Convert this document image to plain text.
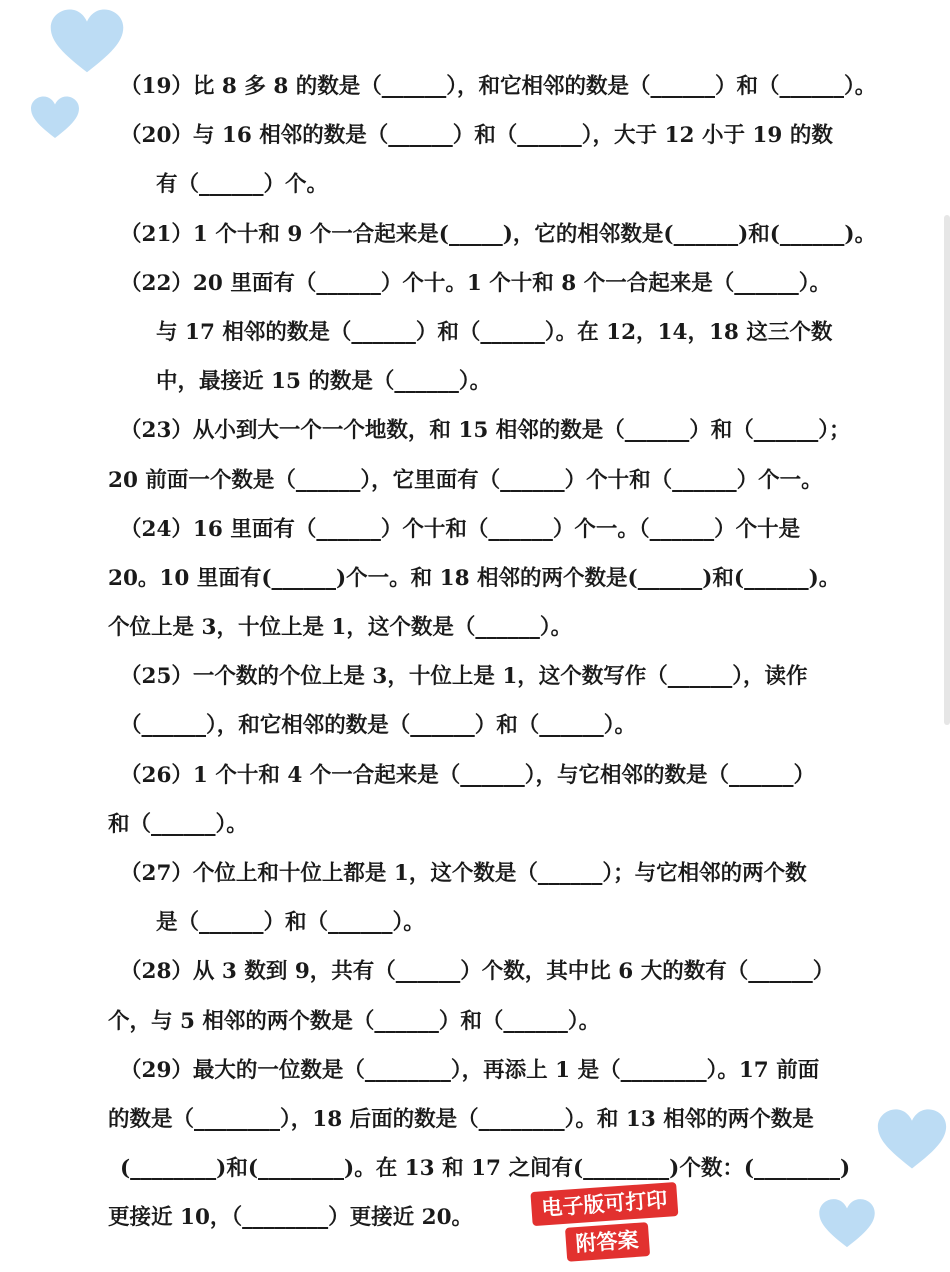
（19）比 8 多 8 的数是（______），和它相邻的数是（______）和（______）。
（20）与 16 相邻的数是（______）和（______），大于 12 小于 19 的数
有（______）个。
（21）1 个十和 9 个一合起来是(_____)，它的相邻数是(______)和(______)。
（22）20 里面有（______）个十。1 个十和 8 个一合起来是（______）。
与 17 相邻的数是（______）和（______）。在 12，14，18 这三个数
中，最接近 15 的数是（______）。
（23）从小到大一个一个地数，和 15 相邻的数是（______）和（______）；
20 前面一个数是（______），它里面有（______）个十和（______）个一。
（24）16 里面有（______）个十和（______）个一。（______）个十是
20。10 里面有(______)个一。和 18 相邻的两个数是(______)和(______)。
个位上是 3，十位上是 1，这个数是（______）。
（25）一个数的个位上是 3，十位上是 1，这个数写作（______），读作
（______），和它相邻的数是（______）和（______）。
（26）1 个十和 4 个一合起来是（______），与它相邻的数是（______）
和（______）。
（27）个位上和十位上都是 1，这个数是（______）；与它相邻的两个数
是（______）和（______）。
（28）从 3 数到 9，共有（______）个数，其中比 6 大的数有（______）
个，与 5 相邻的两个数是（______）和（______）。
（29）最大的一位数是（________），再添上 1 是（________）。17 前面
的数是（________），18 后面的数是（________）。和 13 相邻的两个数是
(________)和(________)。在 13 和 17 之间有(________)个数：(________)
更接近 10，（________）更接近 20。	电子版可打印
附答案
